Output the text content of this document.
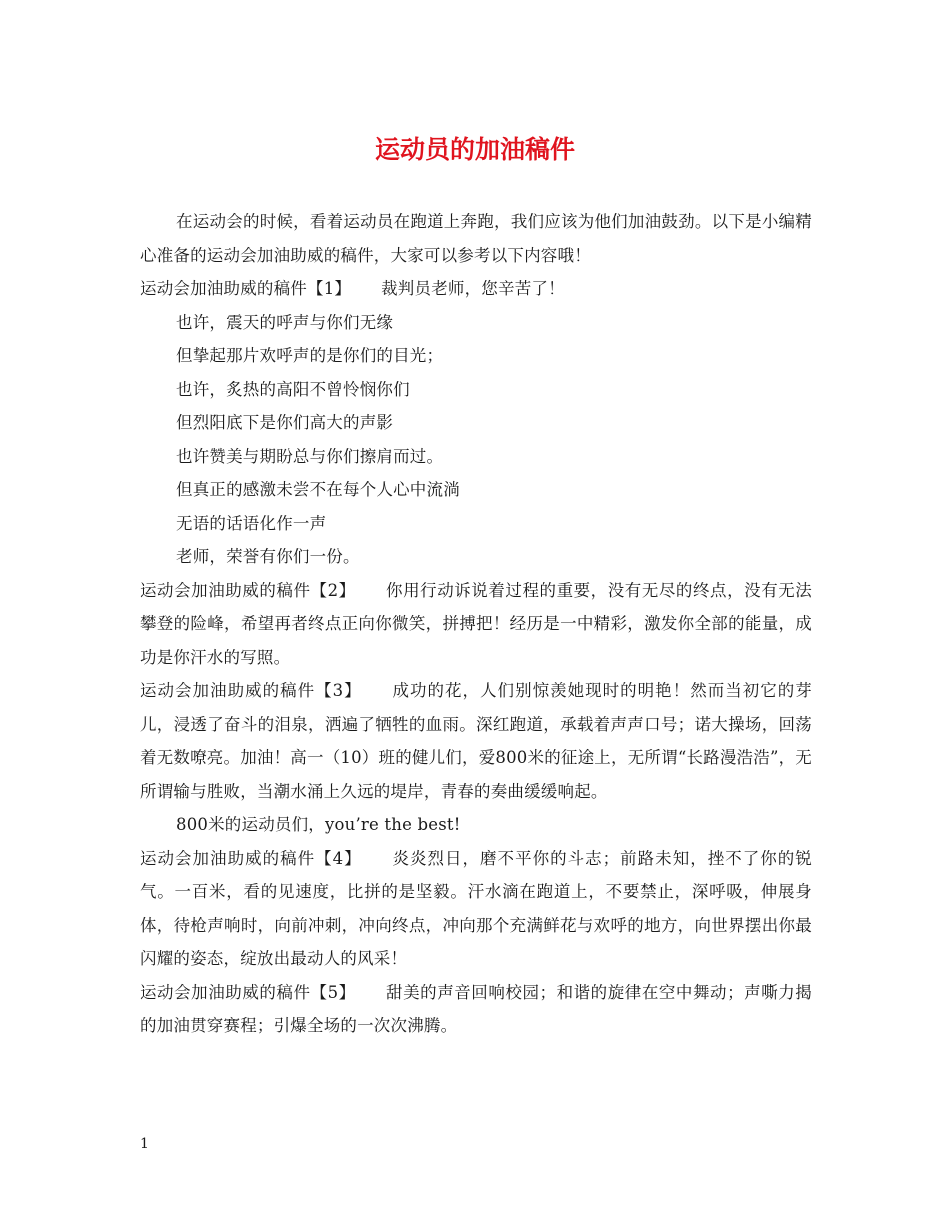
运动员的加油稿件

在运动会的时候，看着运动员在跑道上奔跑，我们应该为他们加油鼓劲。以下是小编精心准备的运动会加油助威的稿件，大家可以参考以下内容哦！

运动会加油助威的稿件【1】 裁判员老师，您辛苦了！

也许，震天的呼声与你们无缘

但挚起那片欢呼声的是你们的目光；

也许，炙热的高阳不曾怜悯你们

但烈阳底下是你们高大的声影

也许赞美与期盼总与你们擦肩而过。

但真正的感激未尝不在每个人心中流淌

无语的话语化作一声

老师，荣誉有你们一份。

运动会加油助威的稿件【2】 你用行动诉说着过程的重要，没有无尽的终点，没有无法攀登的险峰，希望再者终点正向你微笑，拼搏把！经历是一中精彩，激发你全部的能量，成功是你汗水的写照。

运动会加油助威的稿件【3】 成功的花，人们别惊羡她现时的明艳！然而当初它的芽儿，浸透了奋斗的泪泉，洒遍了牺牲的血雨。深红跑道，承载着声声口号；诺大操场，回荡着无数嘹亮。加油！高一（10）班的健儿们，爱800米的征途上，无所谓“长路漫浩浩”，无所谓输与胜败，当潮水涌上久远的堤岸，青春的奏曲缓缓响起。

800米的运动员们，you’re the best!

运动会加油助威的稿件【4】 炎炎烈日，磨不平你的斗志；前路未知，挫不了你的锐气。一百米，看的见速度，比拼的是坚毅。汗水滴在跑道上，不要禁止，深呼吸，伸展身体，待枪声响时，向前冲刺，冲向终点，冲向那个充满鲜花与欢呼的地方，向世界摆出你最闪耀的姿态，绽放出最动人的风采！

运动会加油助威的稿件【5】 甜美的声音回响校园；和谐的旋律在空中舞动；声嘶力揭的加油贯穿赛程；引爆全场的一次次沸腾。

1
